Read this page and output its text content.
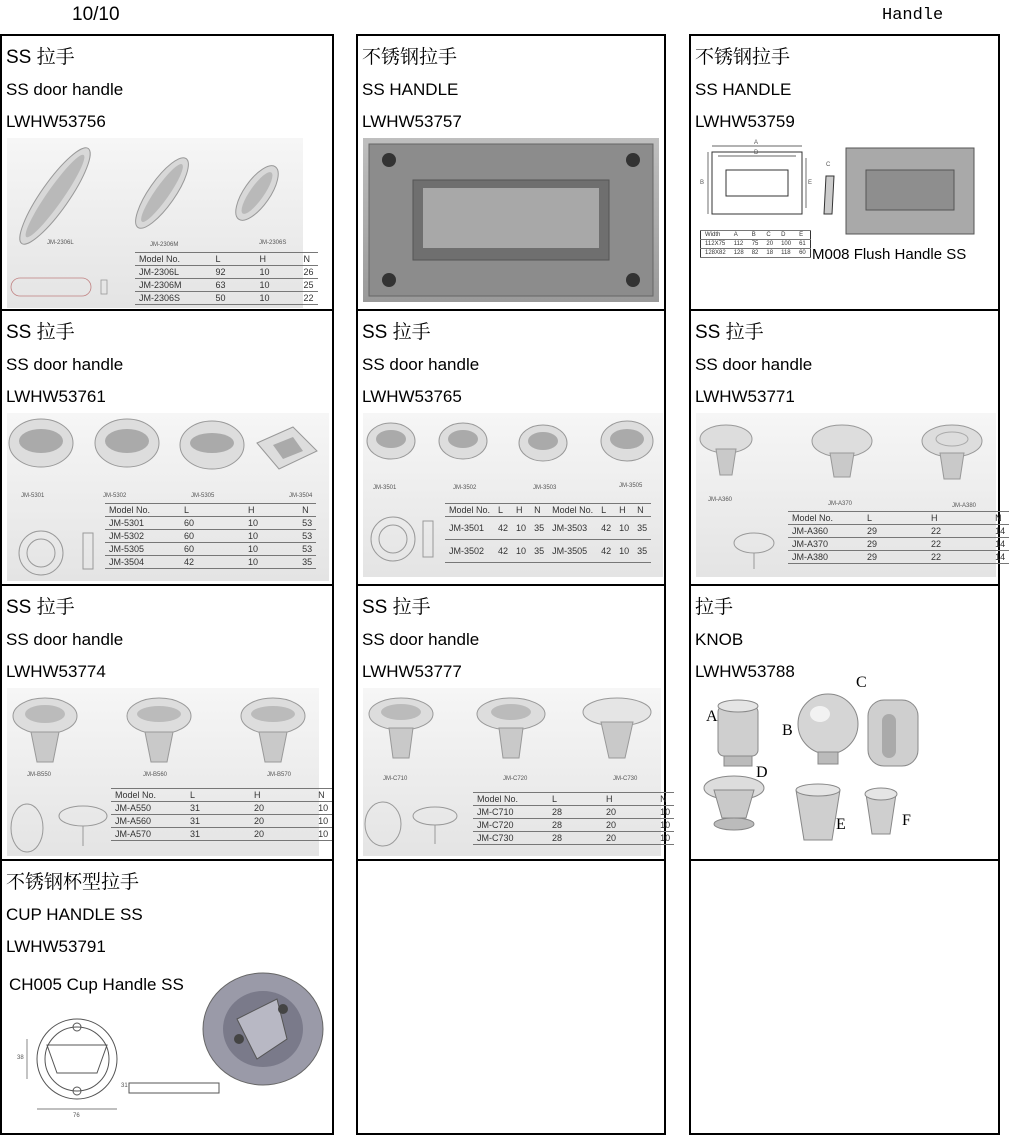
10/10	Handle
SS 拉手
SS door handle
LWHW53756
JM-2306L	JM-2306M	JM-2306S
Model No.	L	H	N
JM-2306L	92	10	26
JM-2306M	63	10	25
JM-2306S	50	10	22
不锈钢拉手
SS HANDLE
LWHW53757
不锈钢拉手
SS HANDLE
LWHW53759
A
D
B	E
C
Width	A	B	C	D	E
112X75	112	75	20	100	61
128X82	128	82	18	118	60 M008 Flush Handle SS
SS 拉手
SS door handle
LWHW53761
JM-5301	JM-5302	JM-5305	JM-3504
Model No.	L	H	N
JM-5301	60	10	53
JM-5302	60	10	53
JM-5305	60	10	53
JM-3504	42	10	35
SS 拉手
SS door handle
LWHW53765
JM-3501	JM-3502	JM-3503	JM-3505
Model No.	L	H	N	Model No.	L	H	N
JM-3501	42	10	35	JM-3503	42	10	35
JM-3502	42	10	35	JM-3505	42	10	35
SS 拉手
SS door handle
LWHW53771
JM-A360
JM-A370	JM-A380
Model No.	L	H	N
JM-A360	29	22	14
JM-A370	29	22	14
JM-A380	29	22	14
SS 拉手
SS door handle
LWHW53774
JM-B550	JM-B560	JM-B570
Model No.	L	H	N
JM-A550	31	20	10
JM-A560	31	20	10
JM-A570	31	20	10
SS 拉手
SS door handle
LWHW53777
JM-C710	JM-C720	JM-C730
Model No.	L	H	N
JM-C710	28	20	10
JM-C720	28	20	10
JM-C730	28	20	10
拉手
KNOB
LWHW53788
A
B
C
D
E	F
不锈钢杯型拉手
CUP HANDLE SS
LWHW53791
CH005 Cup Handle SS
38
76
31
